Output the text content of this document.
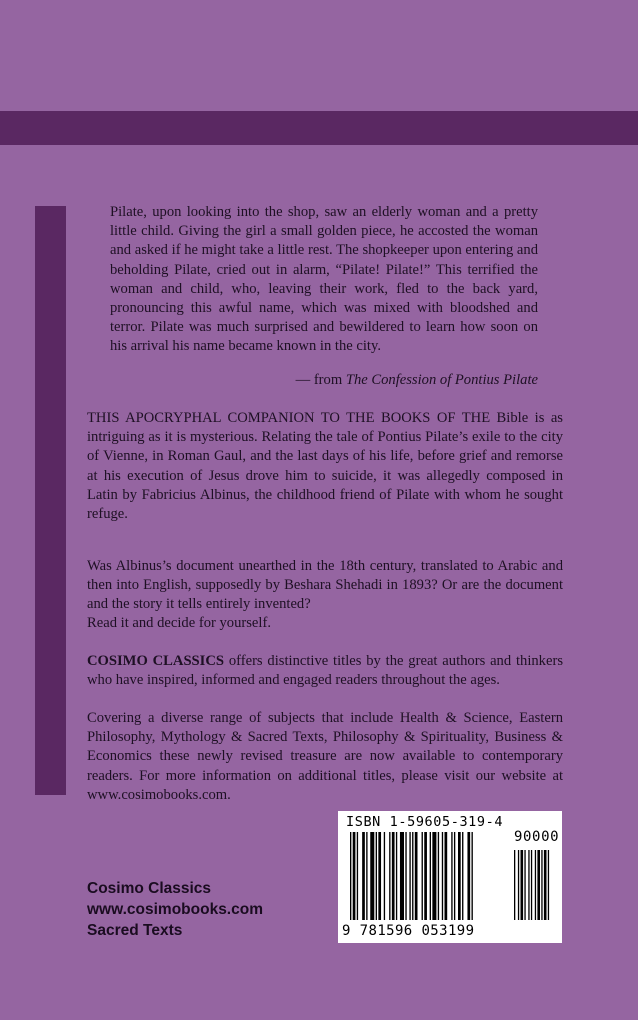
Pilate, upon looking into the shop, saw an elderly woman and a pretty little child. Giving the girl a small golden piece, he accosted the woman and asked if he might take a little rest. The shopkeeper upon entering and beholding Pilate, cried out in alarm, “Pilate! Pilate!” This terrified the woman and child, who, leaving their work, fled to the back yard, pronouncing this awful name, which was mixed with bloodshed and terror. Pilate was much surprised and bewildered to learn how soon on his arrival his name became known in the city.

— from The Confession of Pontius Pilate

THIS APOCRYPHAL COMPANION TO THE BOOKS OF THE Bible is as intriguing as it is mysterious. Relating the tale of Pontius Pilate’s exile to the city of Vienne, in Roman Gaul, and the last days of his life, before grief and remorse at his execution of Jesus drove him to suicide, it was allegedly composed in Latin by Fabricius Albinus, the childhood friend of Pilate with whom he sought refuge.

Was Albinus’s document unearthed in the 18th century, translated to Arabic and then into English, supposedly by Beshara Shehadi in 1893? Or are the document and the story it tells entirely invented?

Read it and decide for yourself.

COSIMO CLASSICS offers distinctive titles by the great authors and thinkers who have inspired, informed and engaged readers throughout the ages.

Covering a diverse range of subjects that include Health & Science, Eastern Philosophy, Mythology & Sacred Texts, Philosophy & Spirituality, Business & Economics these newly revised treasure are now available to contemporary readers. For more information on additional titles, please visit our website at www.cosimobooks.com.

Cosimo Classics
www.cosimobooks.com
Sacred Texts
ISBN 1-59605-319-4
90000
9 781596 053199
